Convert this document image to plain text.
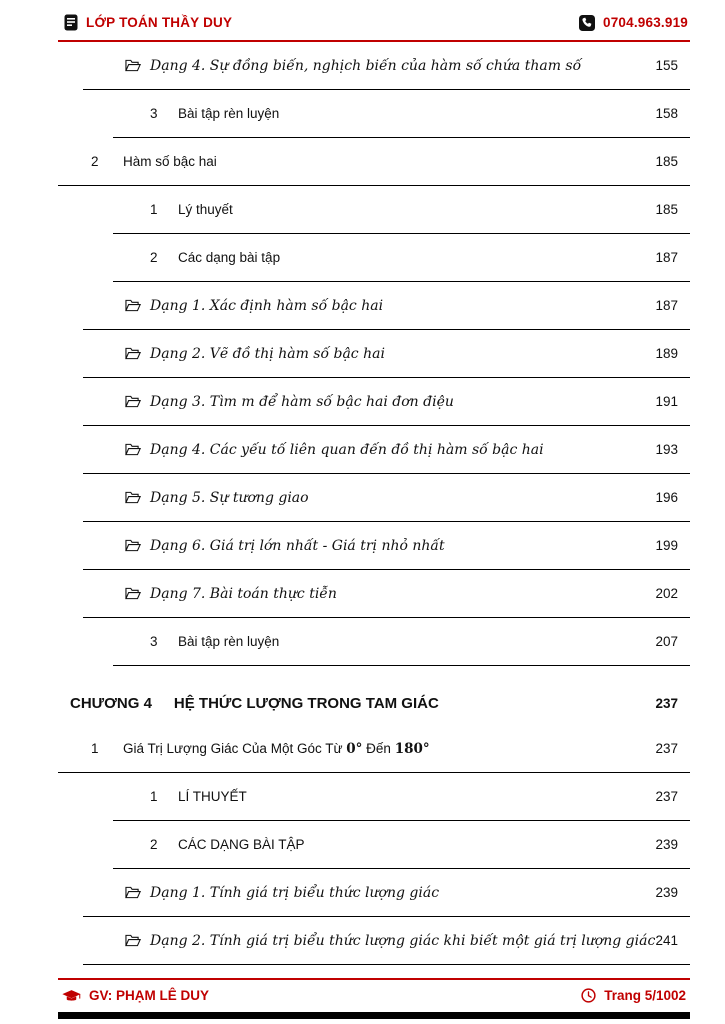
LỚP TOÁN THẦY DUY	0704.963.919
Dạng 4. Sự đồng biến, nghịch biến của hàm số chứa tham số	155
3	Bài tập rèn luyện	158
2	Hàm số bậc hai	185
1	Lý thuyết	185
2	Các dạng bài tập	187
Dạng 1. Xác định hàm số bậc hai	187
Dạng 2. Vẽ đồ thị hàm số bậc hai	189
Dạng 3. Tìm m để hàm số bậc hai đơn điệu	191
Dạng 4. Các yếu tố liên quan đến đồ thị hàm số bậc hai	193
Dạng 5. Sự tương giao	196
Dạng 6. Giá trị lớn nhất - Giá trị nhỏ nhất	199
Dạng 7. Bài toán thực tiễn	202
3	Bài tập rèn luyện	207
CHƯƠNG 4 HỆ THỨC LƯỢNG TRONG TAM GIÁC	237
1	Giá Trị Lượng Giác Của Một Góc Từ 0° Đến 180°	237
1	LÍ THUYẾT	237
2	CÁC DẠNG BÀI TẬP	239
Dạng 1. Tính giá trị biểu thức lượng giác	239
Dạng 2. Tính giá trị biểu thức lượng giác khi biết một giá trị lượng giác 241
GV: PHẠM LÊ DUY	Trang 5/1002
